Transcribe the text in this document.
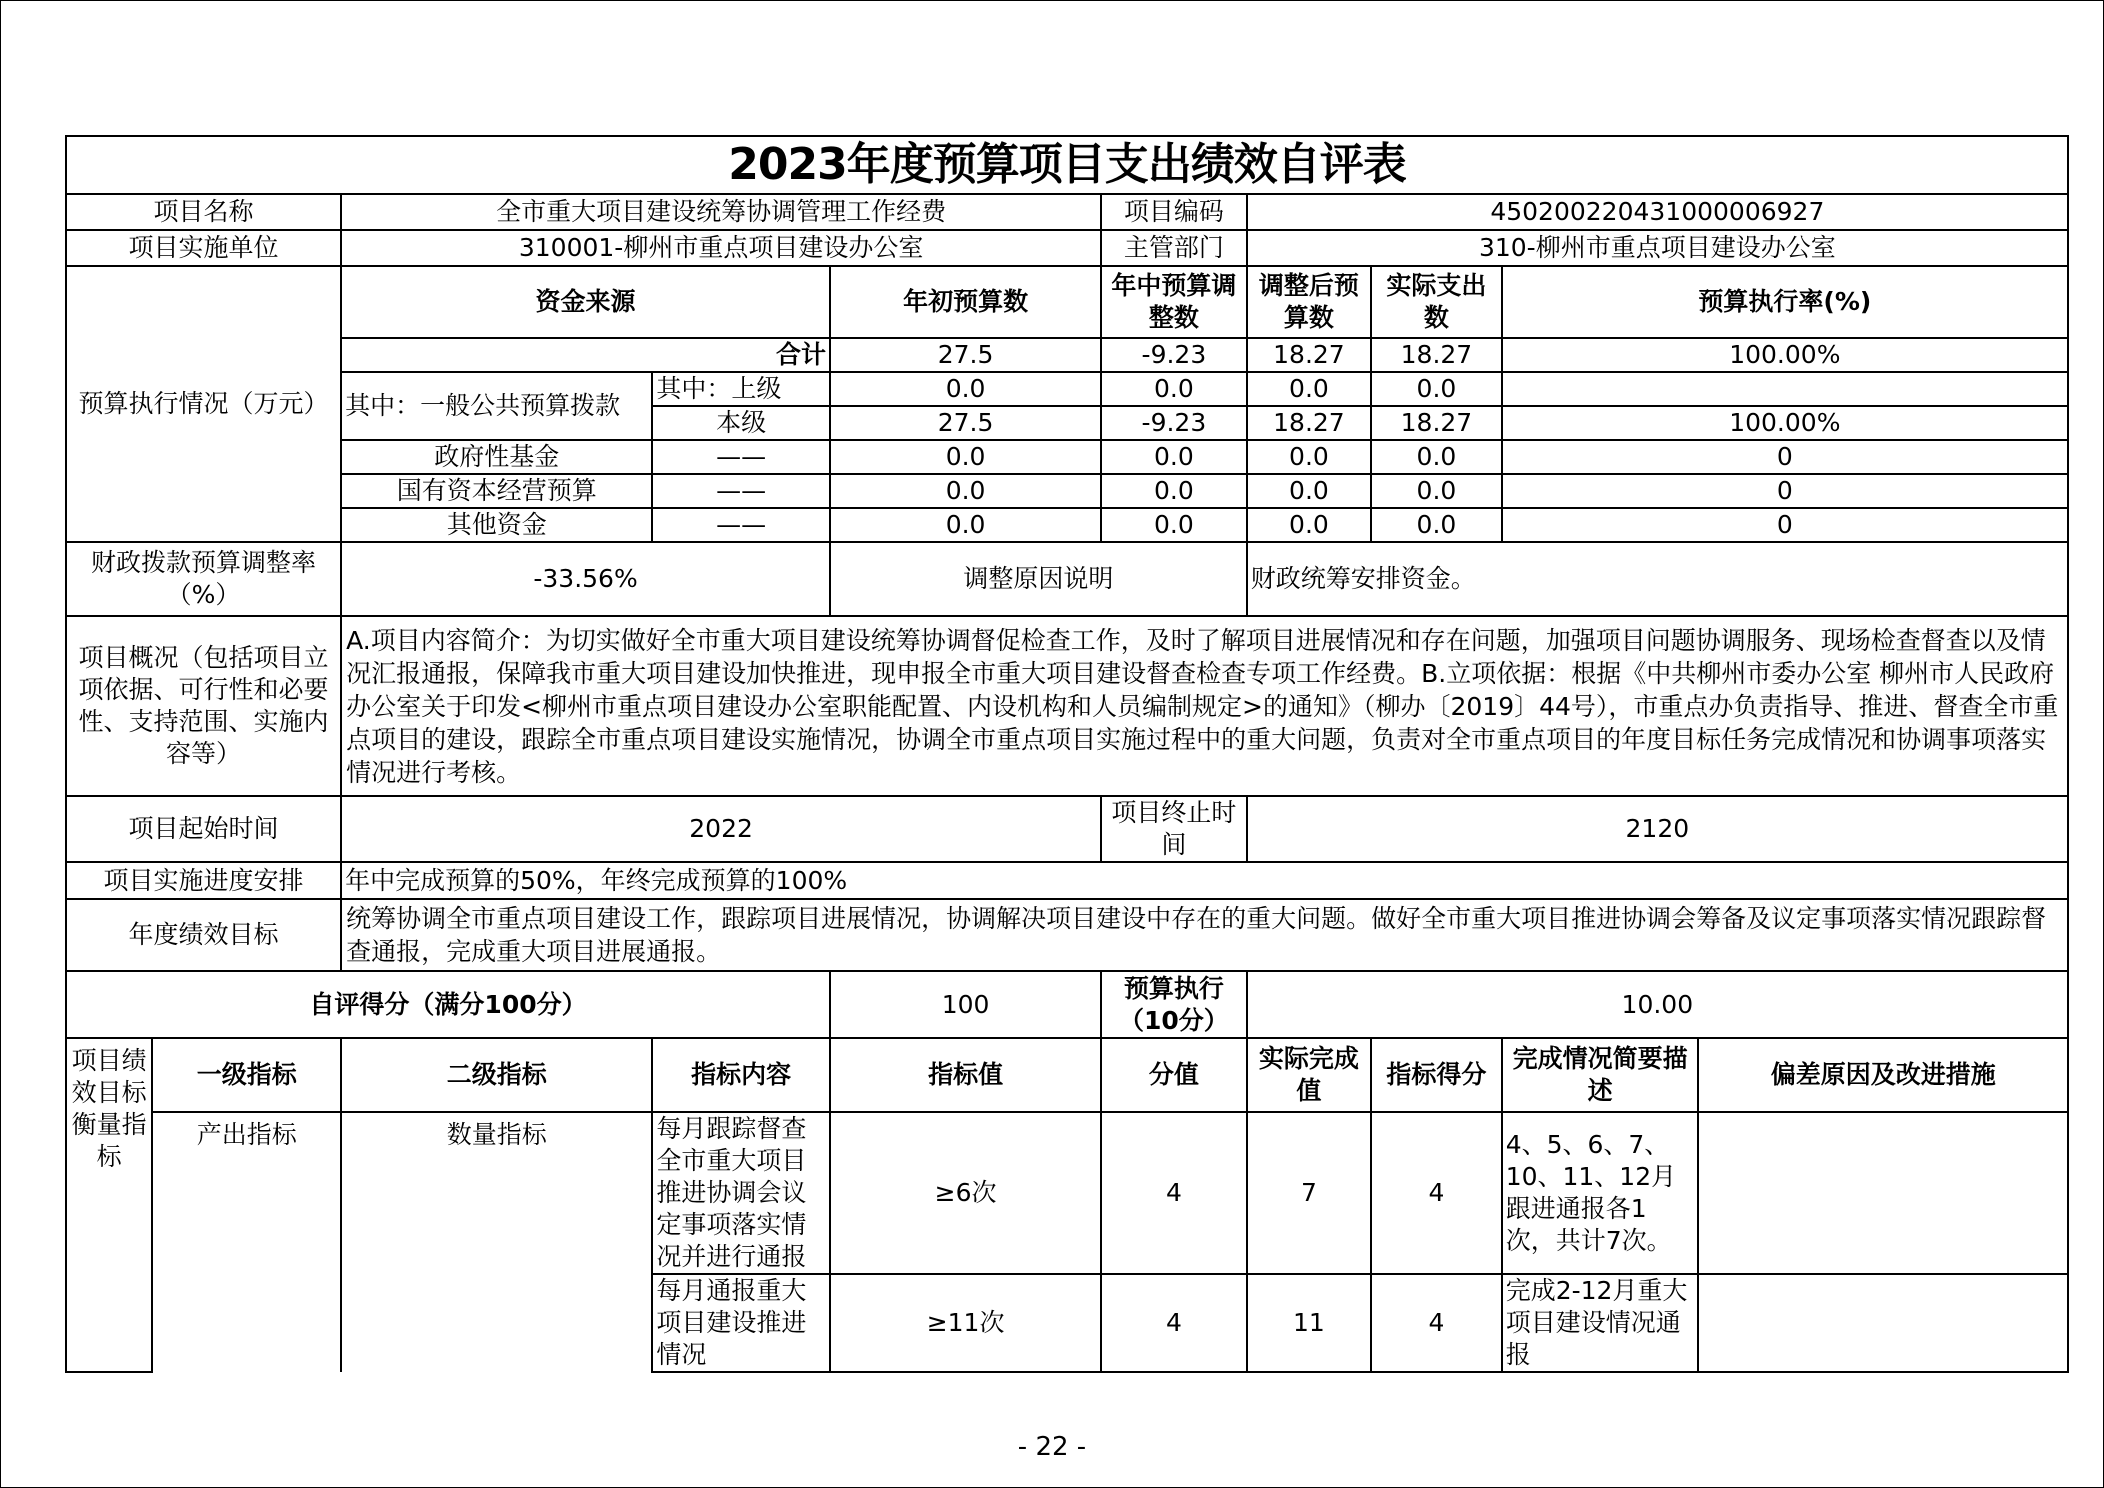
2023年度预算项目支出绩效自评表									
项目名称		全市重大项目建设统筹协调管理工作经费			项目编码	450200220431000006927			
项目实施单位		310001-柳州市重点项目建设办公室			主管部门	310-柳州市重点项目建设办公室			
预算执行情况（万元）		资金来源		年初预算数	年中预算调整数	调整后预算数	实际支出数	预算执行率(%)	
		合计		27.5	-9.23	18.27	18.27	100.00%	
		其中：一般公共预算拨款	其中：上级	0.0	0.0	0.0	0.0		
			本级	27.5	-9.23	18.27	18.27	100.00%	
		政府性基金	——	0.0	0.0	0.0	0.0	0	
		国有资本经营预算	——	0.0	0.0	0.0	0.0	0	
		其他资金	——	0.0	0.0	0.0	0.0	0	
财政拨款预算调整率（%）		-33.56%		调整原因说明		财政统筹安排资金。			
项目概况（包括项目立项依据、可行性和必要性、支持范围、实施内容等）		A.项目内容简介：为切实做好全市重大项目建设统筹协调督促检查工作，及时了解项目进展情况和存在问题，加强项目问题协调服务、现场检查督查以及情况汇报通报，保障我市重大项目建设加快推进，现申报全市重大项目建设督查检查专项工作经费。B.立项依据：根据《中共柳州市委办公室 柳州市人民政府办公室关于印发<柳州市重点项目建设办公室职能配置、内设机构和人员编制规定>的通知》（柳办〔2019〕44号），市重点办负责指导、推进、督查全市重点项目的建设，跟踪全市重点项目建设实施情况，协调全市重点项目实施过程中的重大问题，负责对全市重点项目的年度目标任务完成情况和协调事项落实情况进行考核。							
项目起始时间		2022			项目终止时间	2120			
项目实施进度安排		年中完成预算的50%，年终完成预算的100%							
年度绩效目标		统筹协调全市重点项目建设工作，跟踪项目进展情况，协调解决项目建设中存在的重大问题。做好全市重大项目推进协调会筹备及议定事项落实情况跟踪督查通报，完成重大项目进展通报。							
自评得分（满分100分）				100	预算执行（10分）	10.00			
项目绩效目标衡量指标	一级指标	二级指标	指标内容	指标值	分值	实际完成值	指标得分	完成情况简要描述	偏差原因及改进措施
	产出指标	数量指标	每月跟踪督查全市重大项目推进协调会议定事项落实情况并进行通报	≥6次	4	7	4	4、5、6、7、10、11、12月跟进通报各1次，共计7次。	
			每月通报重大项目建设推进情况	≥11次	4	11	4	完成2-12月重大项目建设情况通报	
- 22 -
